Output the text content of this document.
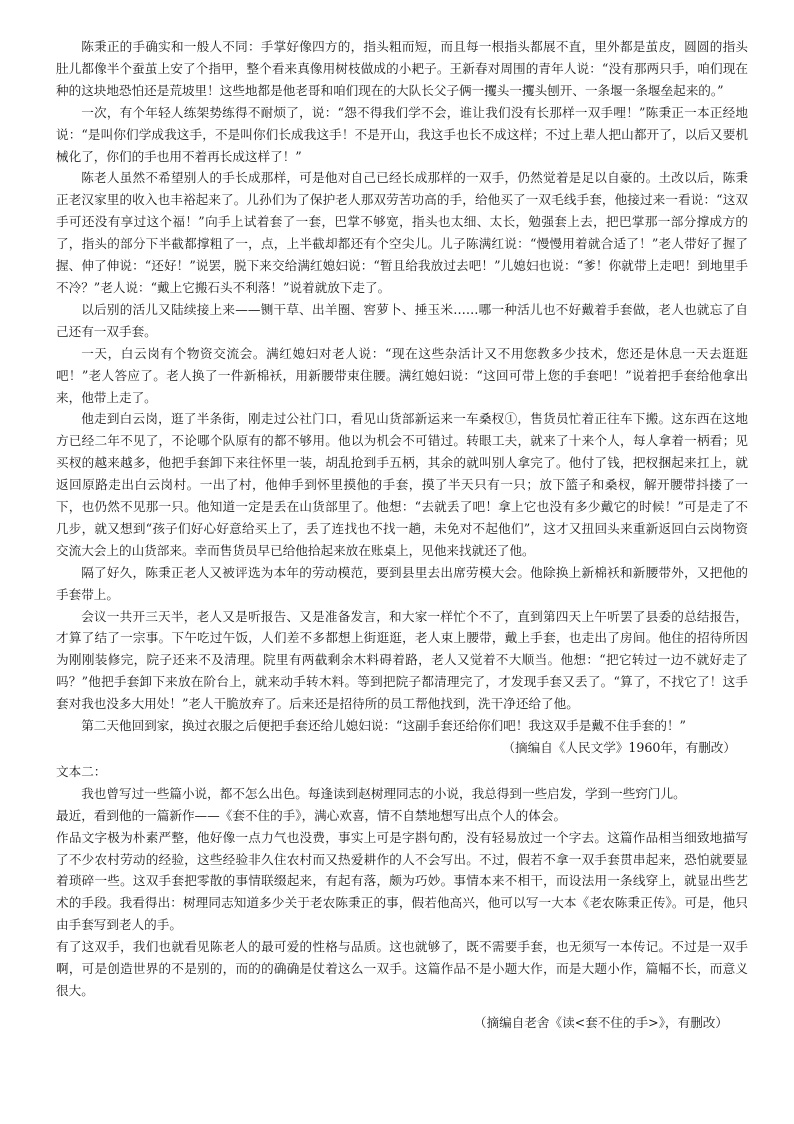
陈秉正的手确实和一般人不同：手掌好像四方的，指头粗而短，而且每一根指头都展不直，里外都是茧皮，圆圆的指头肚儿都像半个蚕茧上安了个指甲，整个看来真像用树枝做成的小耙子。王新春对周围的青年人说：“没有那两只手，咱们现在种的这块地恐怕还是荒坡里！这些地都是他老哥和咱们现在的大队长父子俩一攫头一攫头刨开、一条堰一条堰垒起来的。”

一次，有个年轻人练架势练得不耐烦了，说：“怨不得我们学不会，谁让我们没有长那样一双手哩！”陈秉正一本正经地说：“是叫你们学成我这手，不是叫你们长成我这手！不是开山，我这手也长不成这样；不过上辈人把山都开了，以后又要机械化了，你们的手也用不着再长成这样了！”

陈老人虽然不希望别人的手长成那样，可是他对自己已经长成那样的一双手，仍然觉着是足以自豪的。土改以后，陈秉正老汉家里的收入也丰裕起来了。儿孙们为了保护老人那双劳苦功高的手，给他买了一双毛线手套，他接过来一看说：“这双手可还没有享过这个福！”向手上试着套了一套，巴掌不够宽，指头也太细、太长，勉强套上去，把巴掌那一部分撑成方的了，指头的部分下半截都撑粗了一，点，上半截却都还有个空尖儿。儿子陈满红说：“慢慢用着就合适了！”老人带好了握了握、伸了伸说：“还好！”说罢，脱下来交给满红媳妇说：“暂且给我放过去吧！”儿媳妇也说：“爹！你就带上走吧！到地里手不冷？”老人说：“戴上它搬石头不利落！”说着就放下走了。

以后别的活儿又陆续接上来——铡干草、出羊圈、窖萝卜、捶玉米……哪一种活儿也不好戴着手套做，老人也就忘了自己还有一双手套。

一天，白云岗有个物资交流会。满红媳妇对老人说：“现在这些杂活计又不用您教多少技术，您还是休息一天去逛逛吧！”老人答应了。老人换了一件新棉袄，用新腰带束住腰。满红媳妇说：“这回可带上您的手套吧！”说着把手套给他拿出来，他带上走了。

他走到白云岗，逛了半条街，刚走过公社门口，看见山货部新运来一车桑杈①，售货员忙着正往车下搬。这东西在这地方已经二年不见了，不论哪个队原有的都不够用。他以为机会不可错过。转眼工夫，就来了十来个人，每人拿着一柄看；见买杈的越来越多，他把手套卸下来往怀里一装，胡乱抢到手五柄，其余的就叫别人拿完了。他付了钱，把杈捆起来扛上，就返回原路走出白云岗村。一出了村，他伸手到怀里摸他的手套，摸了半天只有一只；放下篮子和桑杈，解开腰带抖搂了一下，也仍然不见那一只。他知道一定是丢在山货部里了。他想：“去就丢了吧！拿上它也没有多少戴它的时候！”可是走了不几步，就又想到“孩子们好心好意给买上了，丢了连找也不找一趟，未免对不起他们”，这才又扭回头来重新返回白云岗物资交流大会上的山货部来。幸而售货员早已给他拾起来放在账桌上，见他来找就还了他。

隔了好久，陈秉正老人又被评选为本年的劳动模范，要到县里去出席劳模大会。他除换上新棉袄和新腰带外，又把他的手套带上。

会议一共开三天半，老人又是听报告、又是准备发言，和大家一样忙个不了，直到第四天上午听罢了县委的总结报告，才算了结了一宗事。下午吃过午饭，人们差不多都想上街逛逛，老人束上腰带，戴上手套，也走出了房间。他住的招待所因为刚刚装修完，院子还来不及清理。院里有两截剩余木料碍着路，老人又觉着不大顺当。他想：“把它转过一边不就好走了吗？”他把手套卸下来放在阶台上，就来动手转木料。等到把院子都清理完了，才发现手套又丢了。“算了，不找它了！这手套对我也没多大用处！”老人干脆放弃了。后来还是招待所的员工帮他找到，洗干净还给了他。

第二天他回到家，换过衣服之后便把手套还给儿媳妇说：“这副手套还给你们吧！我这双手是戴不住手套的！”

（摘编自《人民文学》1960年，有删改）

文本二：

我也曾写过一些篇小说，都不怎么出色。每逢读到赵树理同志的小说，我总得到一些启发，学到一些窍门儿。

最近，看到他的一篇新作——《套不住的手》，满心欢喜，情不自禁地想写出点个人的体会。

作品文字极为朴素严整，他好像一点力气也没费，事实上可是字斟句酌，没有轻易放过一个字去。这篇作品相当细致地描写了不少农村劳动的经验，这些经验非久住农村而又热爱耕作的人不会写出。不过，假若不拿一双手套贯串起来，恐怕就要显着琐碎一些。这双手套把零散的事情联缀起来，有起有落，颇为巧妙。事情本来不相干，而设法用一条线穿上，就显出些艺术的手段。我看得出：树理同志知道多少关于老农陈秉正的事，假若他高兴，他可以写一大本《老农陈秉正传》。可是，他只由手套写到老人的手。

有了这双手，我们也就看见陈老人的最可爱的性格与品质。这也就够了，既不需要手套，也无须写一本传记。不过是一双手啊，可是创造世界的不是别的，而的的确确是仗着这么一双手。这篇作品不是小题大作，而是大题小作，篇幅不长，而意义很大。

（摘编自老舍《读<套不住的手>》，有删改）
